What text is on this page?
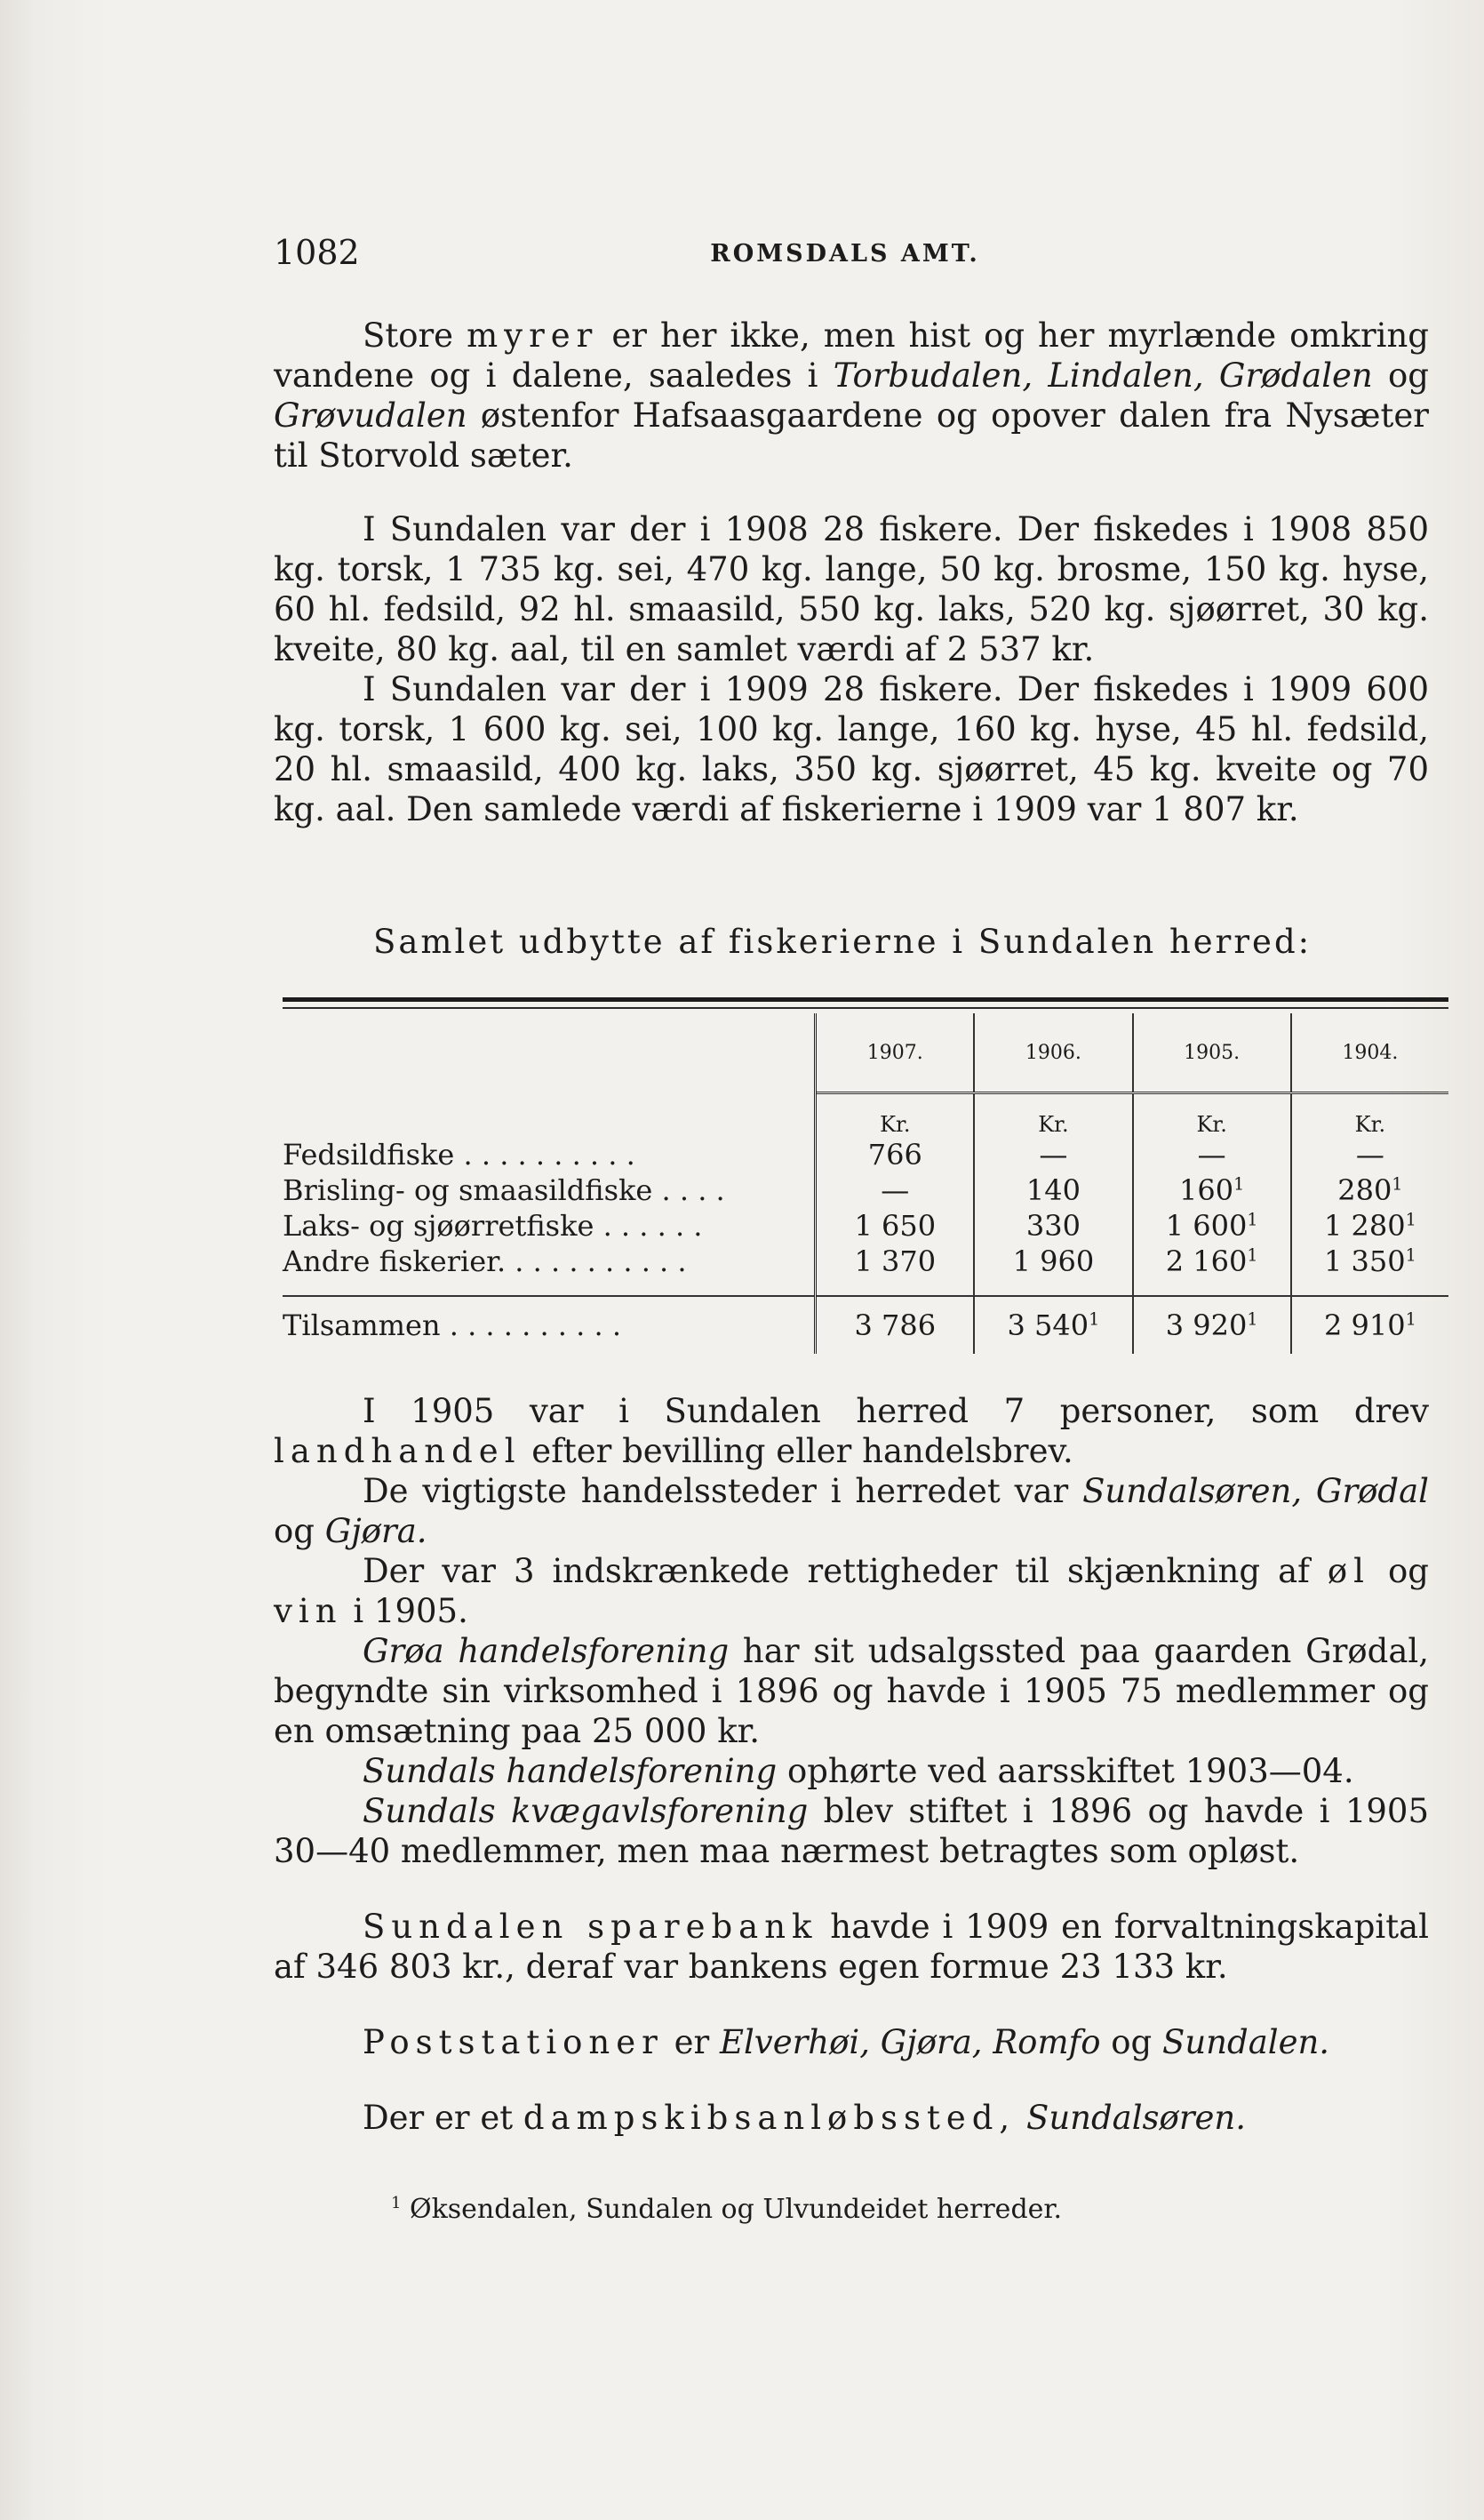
1082	ROMSDALS AMT.

Store myrer er her ikke, men hist og her myrlænde omkring vandene og i dalene, saaledes i Torbudalen, Lindalen, Grødalen og Grøvudalen østenfor Hafsaasgaardene og opover dalen fra Nysæter til Storvold sæter.

I Sundalen var der i 1908 28 fiskere. Der fiskedes i 1908 850 kg. torsk, 1 735 kg. sei, 470 kg. lange, 50 kg. brosme, 150 kg. hyse, 60 hl. fedsild, 92 hl. smaasild, 550 kg. laks, 520 kg. sjøørret, 30 kg. kveite, 80 kg. aal, til en samlet værdi af 2 537 kr.

I Sundalen var der i 1909 28 fiskere. Der fiskedes i 1909 600 kg. torsk, 1 600 kg. sei, 100 kg. lange, 160 kg. hyse, 45 hl. fedsild, 20 hl. smaasild, 400 kg. laks, 350 kg. sjøørret, 45 kg. kveite og 70 kg. aal. Den samlede værdi af fiskerierne i 1909 var 1 807 kr.

Samlet udbytte af fiskerierne i Sundalen herred:
	1907.	1906.	1905.	1904.
	Kr.	Kr.	Kr.	Kr.
Fedsildfiske . . . . . . . . . .	766	—	—	—
Brisling- og smaasildfiske . . . .	—	140	$160^1$	$280^1$
Laks- og sjøørretfiske . . . . . .	1 650	330	1 $600^1$	1 $280^1$
Andre fiskerier. . . . . . . . . . .	1 370	1 960	2 $160^1$	1 $350^1$

Tilsammen . . . . . . . . . .	3 786	3 $540^1$	3 $920^1$	2 $910^1$

I 1905 var i Sundalen herred 7 personer, som drev landhandel efter bevilling eller handelsbrev.

De vigtigste handelssteder i herredet var Sundalsøren, Grødal og Gjøra.

Der var 3 indskrænkede rettigheder til skjænkning af øl og vin i 1905.

Grøa handelsforening har sit udsalgssted paa gaarden Grødal, begyndte sin virksomhed i 1896 og havde i 1905 75 medlemmer og en omsætning paa 25 000 kr.

Sundals handelsforening ophørte ved aarsskiftet 1903—04.

Sundals kvægavlsforening blev stiftet i 1896 og havde i 1905 30—40 medlemmer, men maa nærmest betragtes som opløst.

Sundalen sparebank havde i 1909 en forvaltningskapital af 346 803 kr., deraf var bankens egen formue 23 133 kr.

Poststationer er Elverhøi, Gjøra, Romfo og Sundalen.

Der er et dampskibsanløbssted, Sundalsøren.

$^1$ Øksendalen, Sundalen og Ulvundeidet herreder.
